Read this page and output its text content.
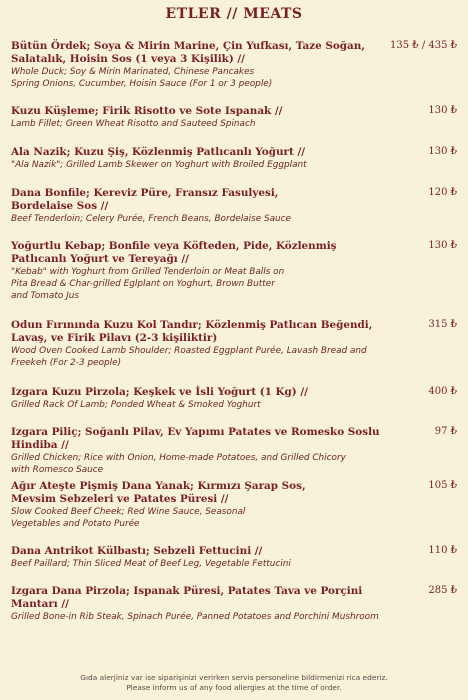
ETLER // MEATS
Bütün Ördek; Soya & Mirin Marine, Çin Yufkası, Taze Soğan, Salatalık, Hoisin Sos (1 veya 3 Kişilik) //
Whole Duck; Soy & Mirin Marinated, Chinese Pancakes
Spring Onions, Cucumber, Hoisin Sauce (For 1 or 3 people)
135 ₺ / 435 ₺
Kuzu Küşleme; Firik Risotto ve Sote Ispanak //
Lamb Fillet; Green Wheat Risotto and Sauteed Spinach
130 ₺
Ala Nazik; Kuzu Şiş, Közlenmiş Patlıcanlı Yoğurt //
"Ala Nazik"; Grilled Lamb Skewer on Yoghurt with Broiled Eggplant
130 ₺
Dana Bonfile; Kereviz Püre, Fransız Fasulyesi, Bordelaise Sos //
Beef Tenderloin; Celery Purée, French Beans, Bordelaise Sauce
120 ₺
Yoğurtlu Kebap; Bonfile veya Köfteden, Pide, Közlenmiş Patlıcanlı Yoğurt ve Tereyağı //
"Kebab" with Yoghurt from Grilled Tenderloin or Meat Balls on
Pita Bread & Char-grilled Eglplant on Yoghurt, Brown Butter
and Tomato Jus
130 ₺
Odun Fırınında Kuzu Kol Tandır; Közlenmiş Patlıcan Beğendi, Lavaş, ve Firik Pilavı (2-3 kişiliktir)
Wood Oven Cooked Lamb Shoulder; Roasted Eggplant Purée, Lavash Bread and
Freekeh (For 2-3 people)
315 ₺
Izgara Kuzu Pirzola; Keşkek ve İsli Yoğurt (1 Kg) //
Grilled Rack Of Lamb; Ponded Wheat & Smoked Yoghurt
400 ₺
Izgara Piliç; Soğanlı Pilav, Ev Yapımı Patates ve Romesko Soslu Hindiba //
Grilled Chicken; Rice with Onion, Home-made Potatoes, and Grilled Chicory
with Romesco Sauce
97 ₺
Ağır Ateşte Pişmiş Dana Yanak; Kırmızı Şarap Sos, Mevsim Sebzeleri ve Patates Püresi //
Slow Cooked Beef Cheek; Red Wine Sauce, Seasonal
Vegetables and Potato Purée
105 ₺
Dana Antrikot Külbastı; Sebzeli Fettucini //
Beef Paillard; Thin Sliced Meat of Beef Leg, Vegetable Fettucini
110 ₺
Izgara Dana Pirzola; Ispanak Püresi, Patates Tava ve Porçini Mantarı //
Grilled Bone-in Rib Steak, Spinach Purée, Panned Potatoes and Porchini Mushroom
285 ₺
Gıda alerjiniz var ise siparişinizi verirken servis personeline bildirmenizi rica ederiz.
Please inform us of any food allergies at the time of order.
